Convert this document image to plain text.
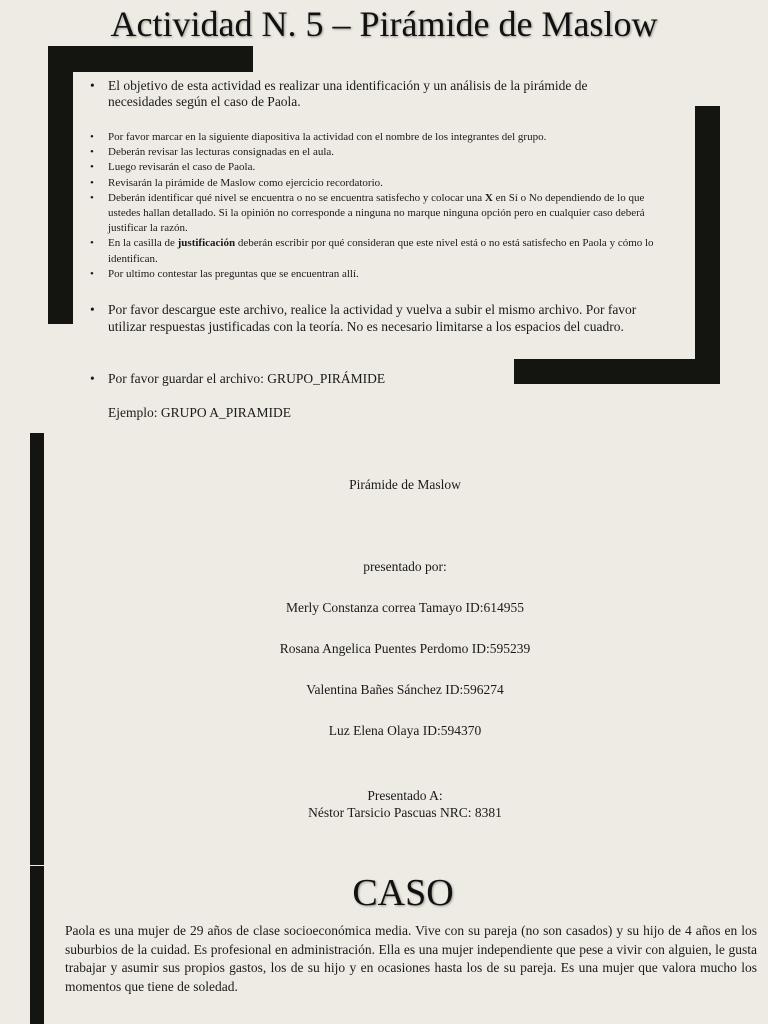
Actividad N. 5 – Pirámide de Maslow
• El objetivo de esta actividad es realizar una identificación y un análisis de la pirámide de necesidades según el caso de Paola.
• Por favor marcar en la siguiente diapositiva la actividad con el nombre de los integrantes del grupo.
• Deberán revisar las lecturas consignadas en el aula.
• Luego revisarán el caso de Paola.
• Revisarán la pirámide de Maslow como ejercicio recordatorio.
• Deberán identificar qué nivel se encuentra o no se encuentra satisfecho y colocar una X en Sí o No dependiendo de lo que ustedes hallan detallado. Si la opinión no corresponde a ninguna no marque ninguna opción pero en cualquier caso deberá justificar la razón.
• En la casilla de justificación deberán escribir por qué consideran que este nivel está o no está satisfecho en Paola y cómo lo identifican.
• Por ultimo contestar las preguntas que se encuentran allí.
• Por favor descargue este archivo, realice la actividad y vuelva a subir el mismo archivo. Por favor utilizar respuestas justificadas con la teoría. No es necesario limitarse a los espacios del cuadro.
• Por favor guardar el archivo: GRUPO_PIRÁMIDE
Ejemplo: GRUPO A_PIRAMIDE
Pirámide de Maslow
presentado por:
Merly Constanza correa Tamayo ID:614955
Rosana Angelica Puentes Perdomo ID:595239
Valentina Bañes Sánchez ID:596274
Luz Elena Olaya ID:594370
Presentado A:
Néstor Tarsicio Pascuas NRC: 8381
CASO
Paola es una mujer de 29 años de clase socioeconómica media. Vive con su pareja (no son casados) y su hijo de 4 años en los suburbios de la cuidad. Es profesional en administración. Ella es una mujer independiente que pese a vivir con alguien, le gusta trabajar y asumir sus propios gastos, los de su hijo y en ocasiones hasta los de su pareja. Es una mujer que valora mucho los momentos que tiene de soledad.
